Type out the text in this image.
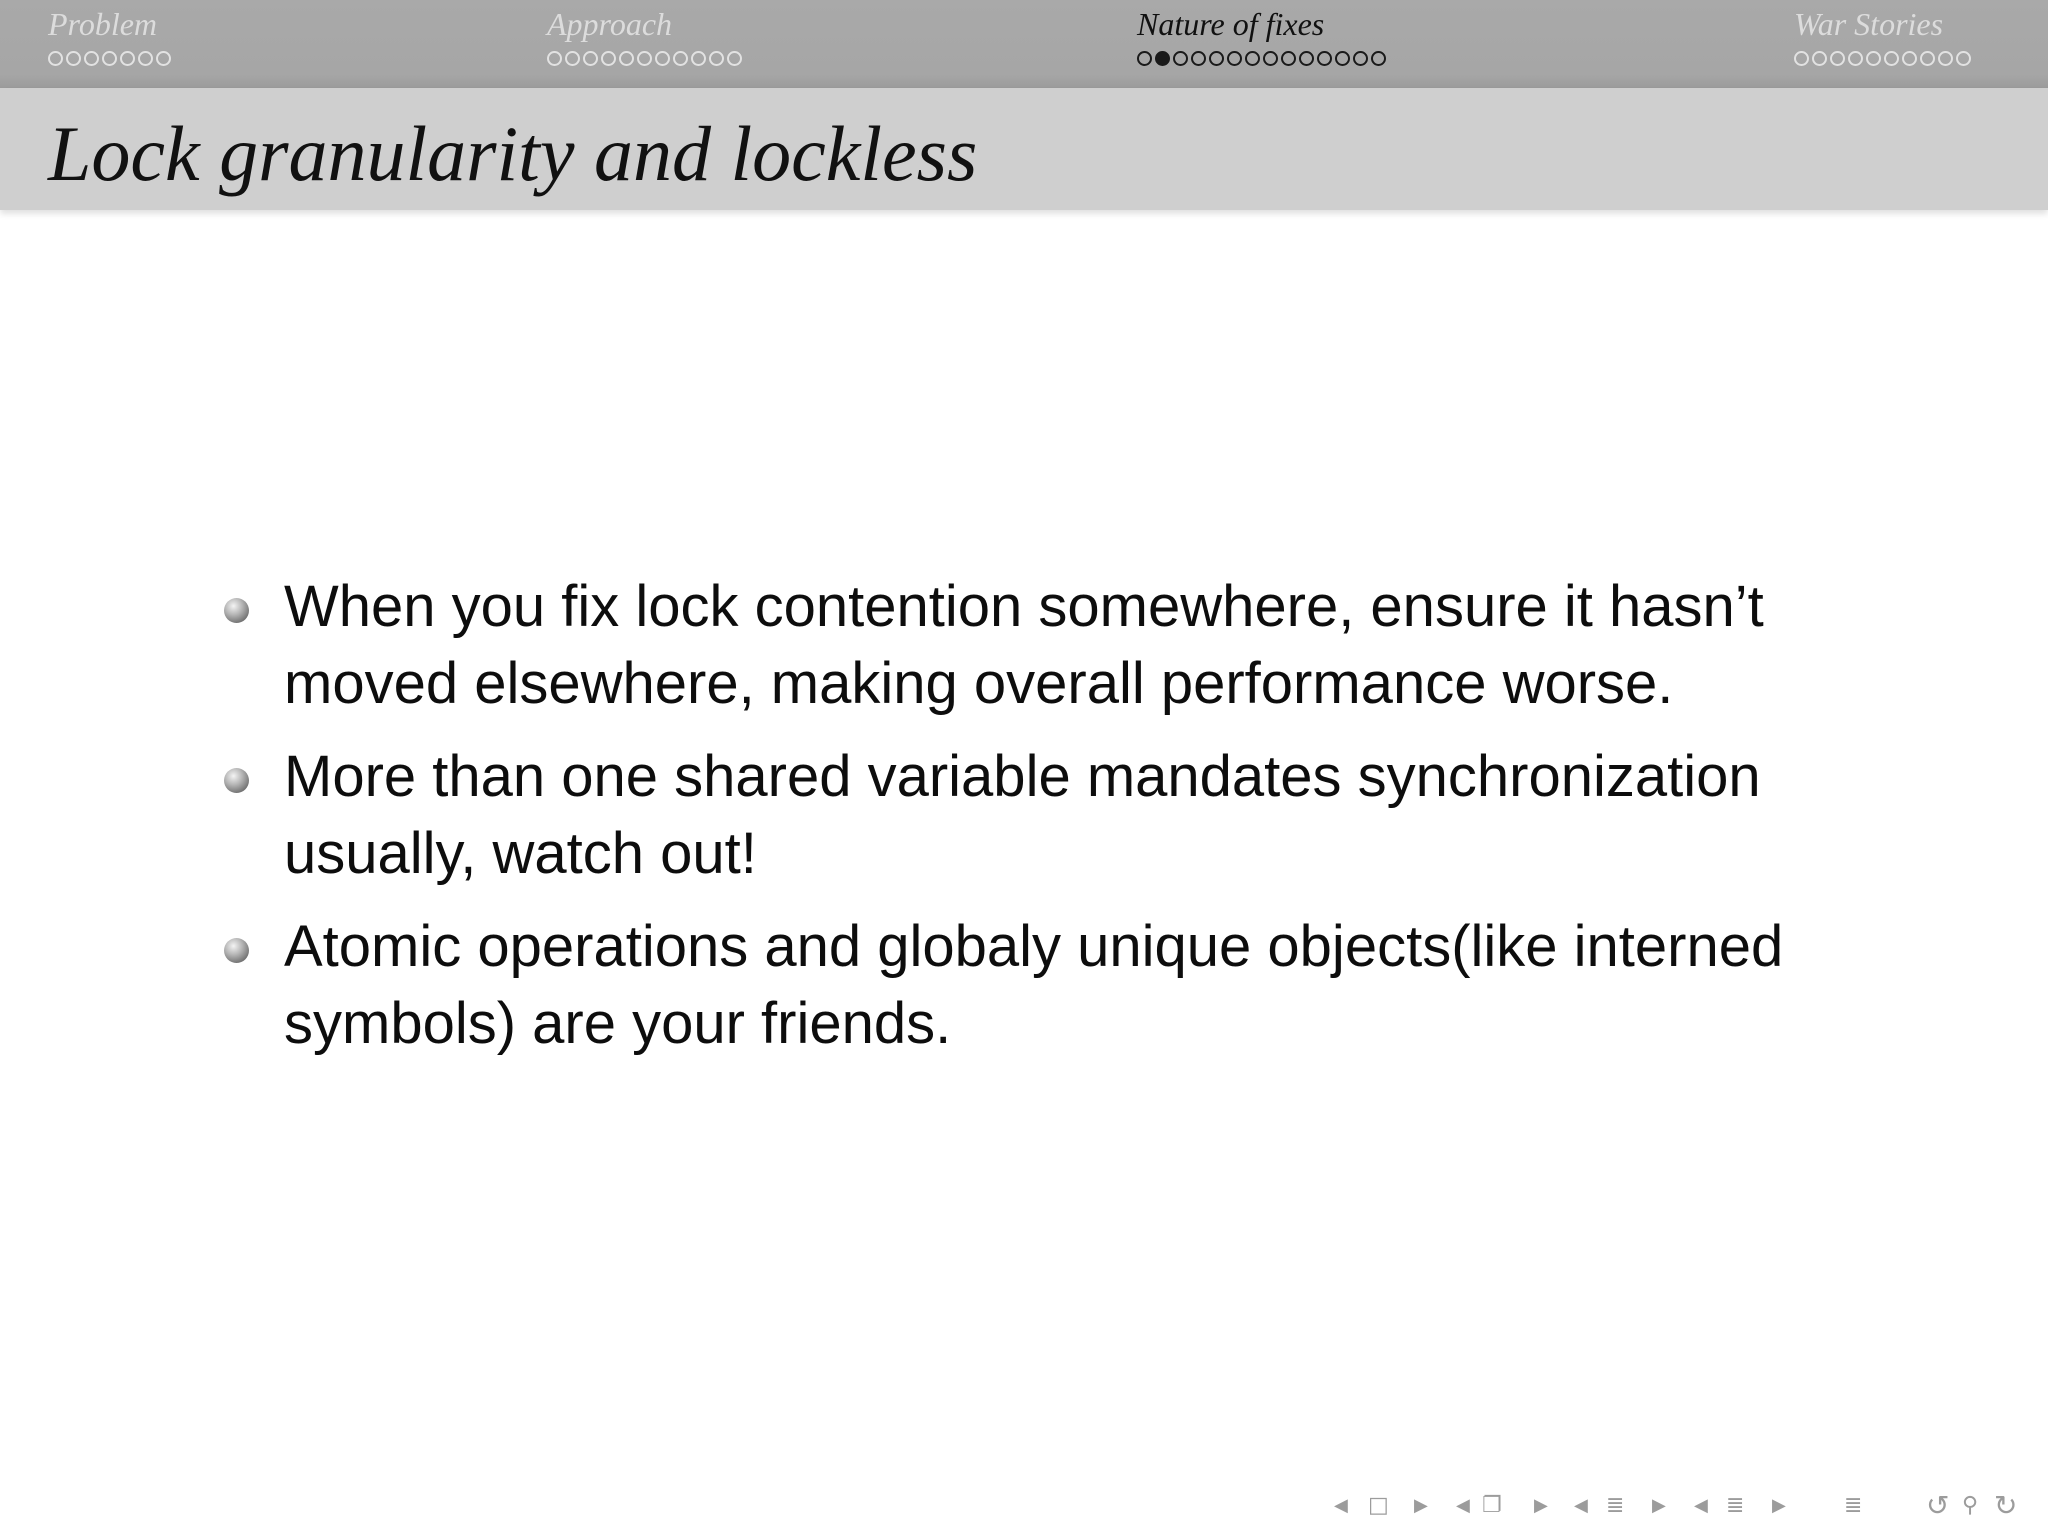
Problem	Approach	Nature of fixes	War Stories
Lock granularity and lockless
When you fix lock contention somewhere, ensure it hasn’t moved elsewhere, making overall performance worse.
More than one shared variable mandates synchronization usually, watch out!
Atomic operations and globaly unique objects(like interned symbols) are your friends.
◀ □ ▶ ◀ ❐ ▶ ◀ ≣ ▶ ◀ ≣ ▶	≣ ↺ ⚲ ↻
